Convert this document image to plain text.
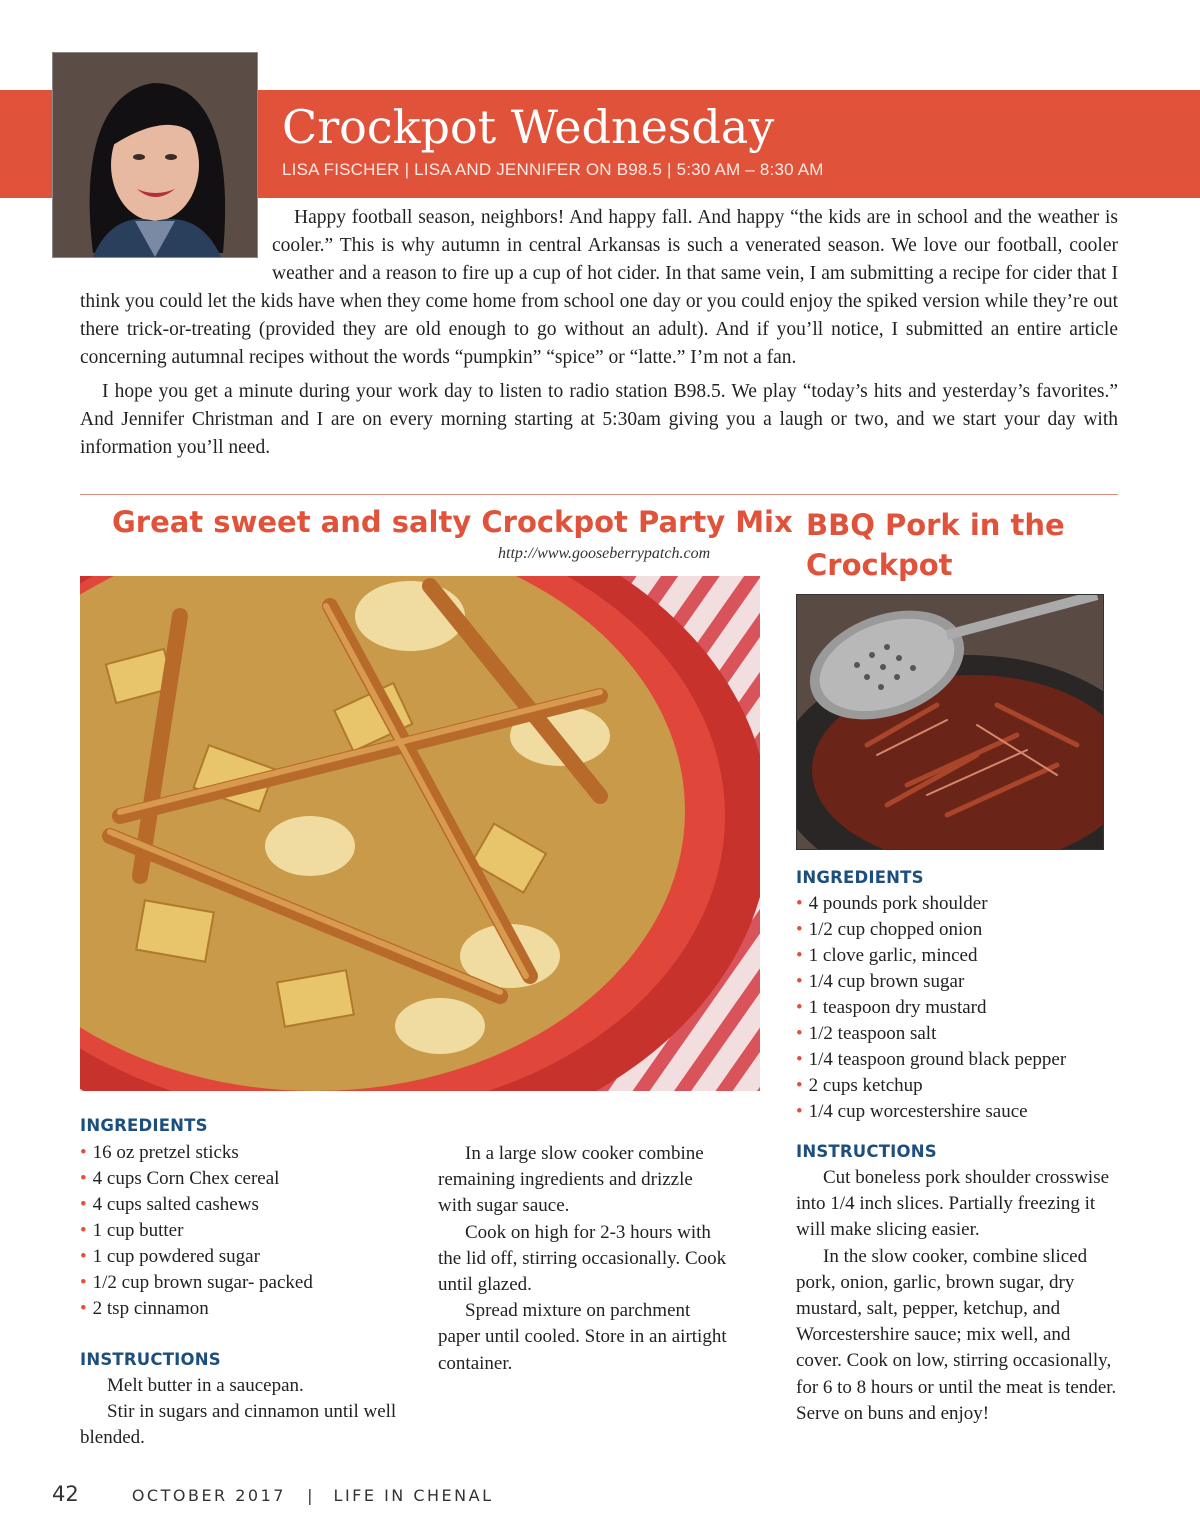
Crockpot Wednesday
LISA FISCHER | LISA AND JENNIFER ON B98.5 | 5:30 AM – 8:30 AM

Happy football season, neighbors! And happy fall. And happy “the kids are in school and the weather is cooler.” This is why autumn in central Arkansas is such a venerated season. We love our football, cooler weather and a reason to fire up a cup of hot cider. In that same vein, I am submitting a recipe for cider that I think you could let the kids have when they come home from school one day or you could enjoy the spiked version while they’re out there trick-or-treating (provided they are old enough to go without an adult). And if you’ll notice, I submitted an entire article concerning autumnal recipes without the words “pumpkin” “spice” or “latte.” I’m not a fan.

I hope you get a minute during your work day to listen to radio station B98.5. We play “today’s hits and yesterday’s favorites.” And Jennifer Christman and I are on every morning starting at 5:30am giving you a laugh or two, and we start your day with information you’ll need.

Great sweet and salty Crockpot Party Mix
http://www.gooseberrypatch.com
INGREDIENTS
• 16 oz pretzel sticks
• 4 cups Corn Chex cereal
• 4 cups salted cashews
• 1 cup butter
• 1 cup powdered sugar
• 1/2 cup brown sugar- packed
• 2 tsp cinnamon
INSTRUCTIONS

Melt butter in a saucepan.

Stir in sugars and cinnamon until well blended.

In a large slow cooker combine remaining ingredients and drizzle with sugar sauce.

Cook on high for 2-3 hours with the lid off, stirring occasionally. Cook until glazed.

Spread mixture on parchment paper until cooled. Store in an airtight container.

BBQ Pork in the Crockpot
INGREDIENTS
• 4 pounds pork shoulder
• 1/2 cup chopped onion
• 1 clove garlic, minced
• 1/4 cup brown sugar
• 1 teaspoon dry mustard
• 1/2 teaspoon salt
• 1/4 teaspoon ground black pepper
• 2 cups ketchup
• 1/4 cup worcestershire sauce
INSTRUCTIONS

Cut boneless pork shoulder crosswise into 1/4 inch slices. Partially freezing it will make slicing easier.

In the slow cooker, combine sliced pork, onion, garlic, brown sugar, dry mustard, salt, pepper, ketchup, and Worcestershire sauce; mix well, and cover. Cook on low, stirring occasionally, for 6 to 8 hours or until the meat is tender. Serve on buns and enjoy!

42	OCTOBER 2017 | LIFE IN CHENAL
